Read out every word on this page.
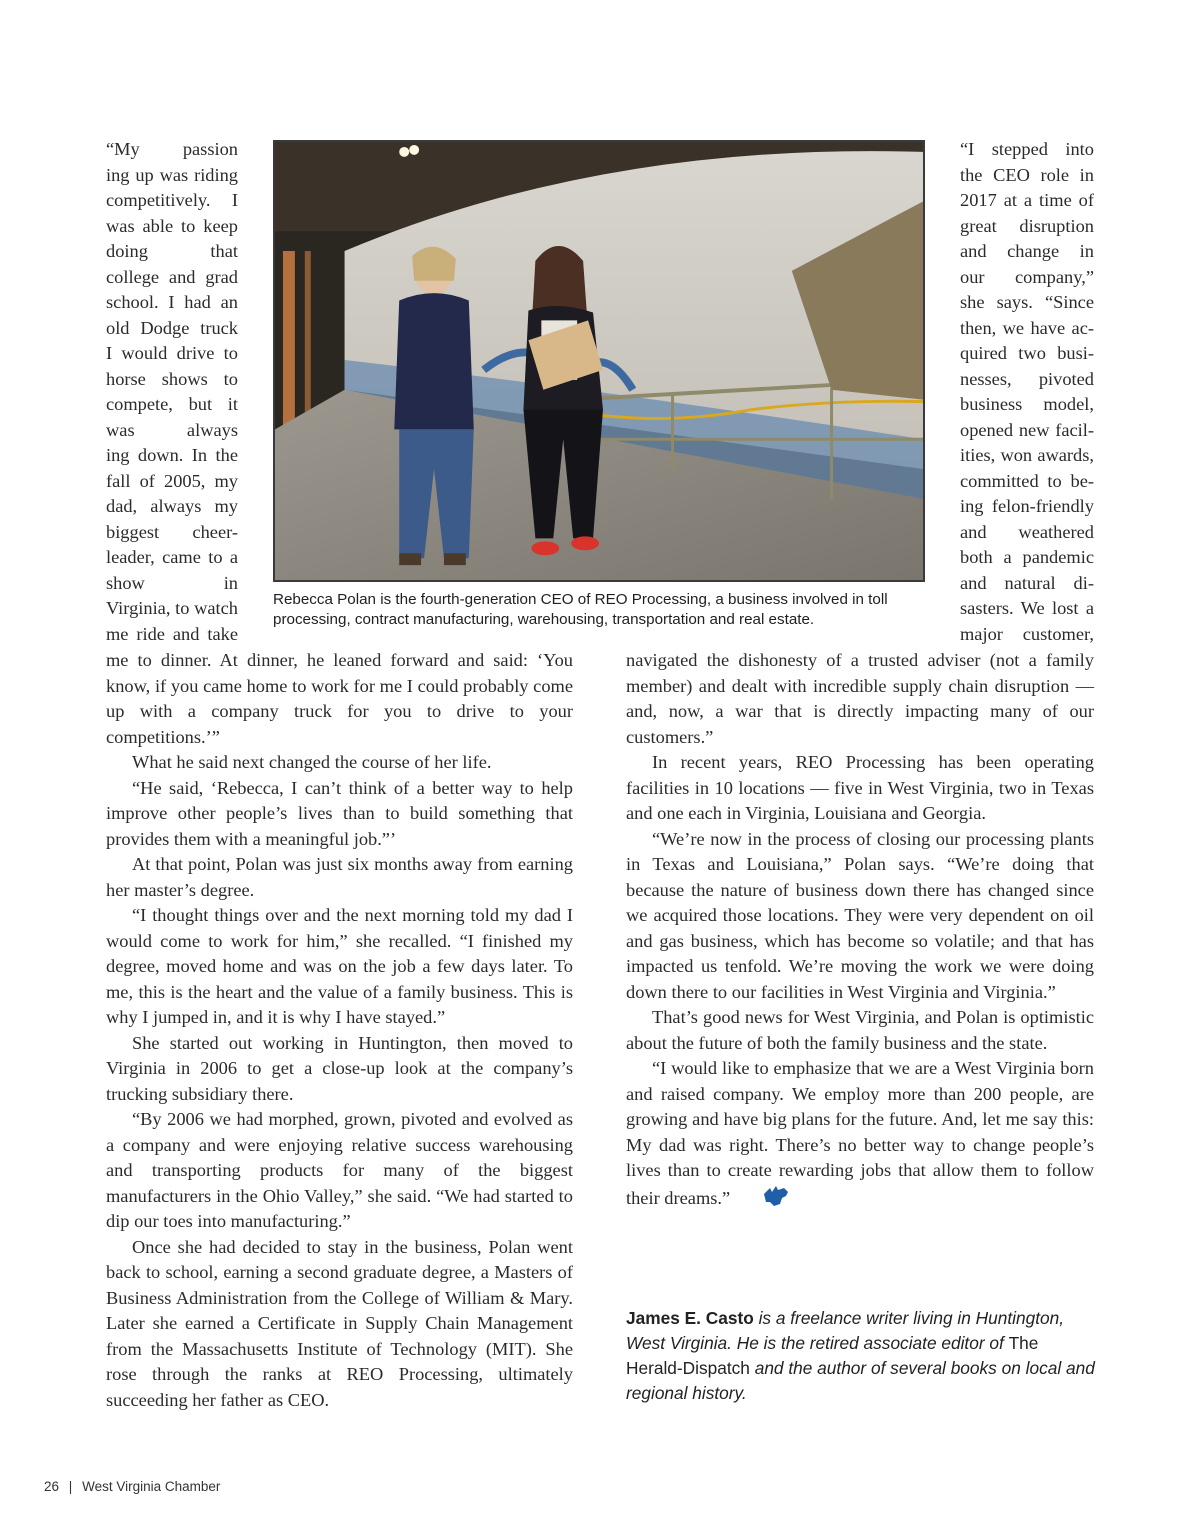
“My passion
ing up was riding
competitively. I
was able to keep
doing that
college and grad
school. I had an
old Dodge truck
I would drive to
horse shows to
compete, but it
was always
ing down. In the
fall of 2005, my
dad, always my
biggest cheer-
leader, came to a
show in
Virginia, to watch
me ride and take
“I stepped into
the CEO role in
2017 at a time of
great disruption
and change in
our company,”
she says. “Since
then, we have ac-
quired two busi-
nesses, pivoted
business model,
opened new facil-
ities, won awards,
committed to be-
ing felon-friendly
and weathered
both a pandemic
and natural di-
sasters. We lost a
major customer,
Rebecca Polan is the fourth-generation CEO of REO Processing, a business involved in toll processing, contract manufacturing, warehousing, transportation and real estate.

me to dinner. At dinner, he leaned forward and said: ‘You know, if you came home to work for me I could probably come up with a company truck for you to drive to your competitions.’”

What he said next changed the course of her life.

“He said, ‘Rebecca, I can’t think of a better way to help improve other people’s lives than to build something that provides them with a meaningful job.”’

At that point, Polan was just six months away from earning her master’s degree.

“I thought things over and the next morning told my dad I would come to work for him,” she recalled. “I finished my degree, moved home and was on the job a few days later. To me, this is the heart and the value of a family business. This is why I jumped in, and it is why I have stayed.”

She started out working in Huntington, then moved to Virginia in 2006 to get a close-up look at the company’s trucking subsidiary there.

“By 2006 we had morphed, grown, pivoted and evolved as a company and were enjoying relative success warehousing and transporting products for many of the biggest manufacturers in the Ohio Valley,” she said. “We had started to dip our toes into manufacturing.”

Once she had decided to stay in the business, Polan went back to school, earning a second graduate degree, a Masters of Business Administration from the College of William & Mary. Later she earned a Certificate in Supply Chain Management from the Massachusetts Institute of Technology (MIT). She rose through the ranks at REO Processing, ultimately succeeding her father as CEO.

navigated the dishonesty of a trusted adviser (not a family member) and dealt with incredible supply chain disruption — and, now, a war that is directly impacting many of our customers.”

In recent years, REO Processing has been operating facilities in 10 locations — five in West Virginia, two in Texas and one each in Virginia, Louisiana and Georgia.

“We’re now in the process of closing our processing plants in Texas and Louisiana,” Polan says. “We’re doing that because the nature of business down there has changed since we acquired those locations. They were very dependent on oil and gas business, which has become so volatile; and that has impacted us tenfold. We’re moving the work we were doing down there to our facilities in West Virginia and Virginia.”

That’s good news for West Virginia, and Polan is optimistic about the future of both the family business and the state.

“I would like to emphasize that we are a West Virginia born and raised company. We employ more than 200 people, are growing and have big plans for the future. And, let me say this: My dad was right. There’s no better way to change people’s lives than to create rewarding jobs that allow them to follow their dreams.”

James E. Casto is a freelance writer living in Huntington, West Virginia. He is the retired associate editor of The Herald-Dispatch and the author of several books on local and regional history.
26 | West Virginia Chamber
